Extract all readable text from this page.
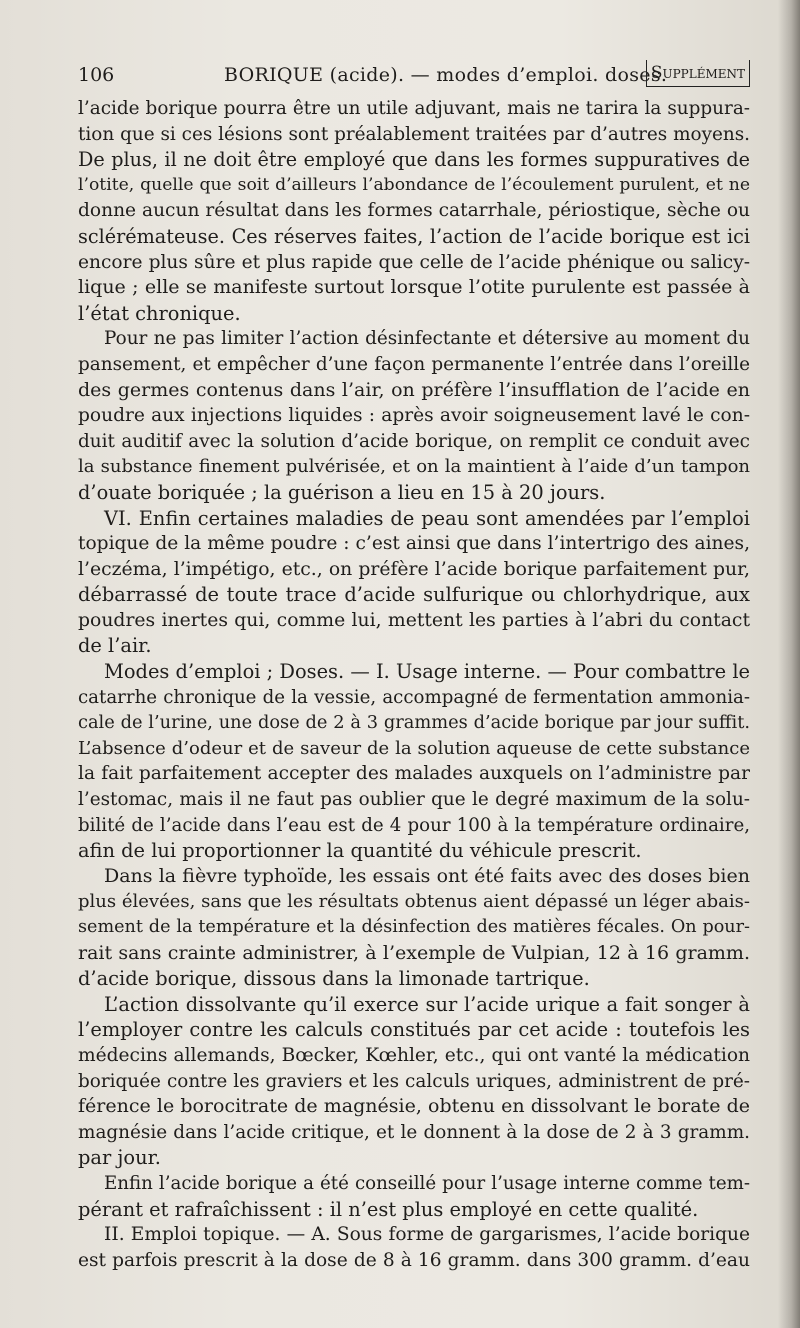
106	BORIQUE (acide). — modes d’emploi. doses.
Supplément
l’acide borique pourra être un utile adjuvant, mais ne tarira la suppura-
tion que si ces lésions sont préalablement traitées par d’autres moyens.
De plus, il ne doit être employé que dans les formes suppuratives de
l’otite, quelle que soit d’ailleurs l’abondance de l’écoulement purulent, et ne
donne aucun résultat dans les formes catarrhale, périostique, sèche ou
sclérémateuse. Ces réserves faites, l’action de l’acide borique est ici
encore plus sûre et plus rapide que celle de l’acide phénique ou salicy-
lique ; elle se manifeste surtout lorsque l’otite purulente est passée à
l’état chronique.
Pour ne pas limiter l’action désinfectante et détersive au moment du
pansement, et empêcher d’une façon permanente l’entrée dans l’oreille
des germes contenus dans l’air, on préfère l’insufflation de l’acide en
poudre aux injections liquides : après avoir soigneusement lavé le con-
duit auditif avec la solution d’acide borique, on remplit ce conduit avec
la substance finement pulvérisée, et on la maintient à l’aide d’un tampon
d’ouate boriquée ; la guérison a lieu en 15 à 20 jours.
VI. Enfin certaines maladies de peau sont amendées par l’emploi
topique de la même poudre : c’est ainsi que dans l’intertrigo des aines,
l’eczéma, l’impétigo, etc., on préfère l’acide borique parfaitement pur,
débarrassé de toute trace d’acide sulfurique ou chlorhydrique, aux
poudres inertes qui, comme lui, mettent les parties à l’abri du contact
de l’air.
Modes d’emploi ; Doses. — I. Usage interne. — Pour combattre le
catarrhe chronique de la vessie, accompagné de fermentation ammonia-
cale de l’urine, une dose de 2 à 3 grammes d’acide borique par jour suffit.
L’absence d’odeur et de saveur de la solution aqueuse de cette substance
la fait parfaitement accepter des malades auxquels on l’administre par
l’estomac, mais il ne faut pas oublier que le degré maximum de la solu-
bilité de l’acide dans l’eau est de 4 pour 100 à la température ordinaire,
afin de lui proportionner la quantité du véhicule prescrit.
Dans la fièvre typhoïde, les essais ont été faits avec des doses bien
plus élevées, sans que les résultats obtenus aient dépassé un léger abais-
sement de la température et la désinfection des matières fécales. On pour-
rait sans crainte administrer, à l’exemple de Vulpian, 12 à 16 gramm.
d’acide borique, dissous dans la limonade tartrique.
L’action dissolvante qu’il exerce sur l’acide urique a fait songer à
l’employer contre les calculs constitués par cet acide : toutefois les
médecins allemands, Bœcker, Kœhler, etc., qui ont vanté la médication
boriquée contre les graviers et les calculs uriques, administrent de pré-
férence le borocitrate de magnésie, obtenu en dissolvant le borate de
magnésie dans l’acide critique, et le donnent à la dose de 2 à 3 gramm.
par jour.
Enfin l’acide borique a été conseillé pour l’usage interne comme tem-
pérant et rafraîchissent : il n’est plus employé en cette qualité.
II. Emploi topique. — A. Sous forme de gargarismes, l’acide borique
est parfois prescrit à la dose de 8 à 16 gramm. dans 300 gramm. d’eau
